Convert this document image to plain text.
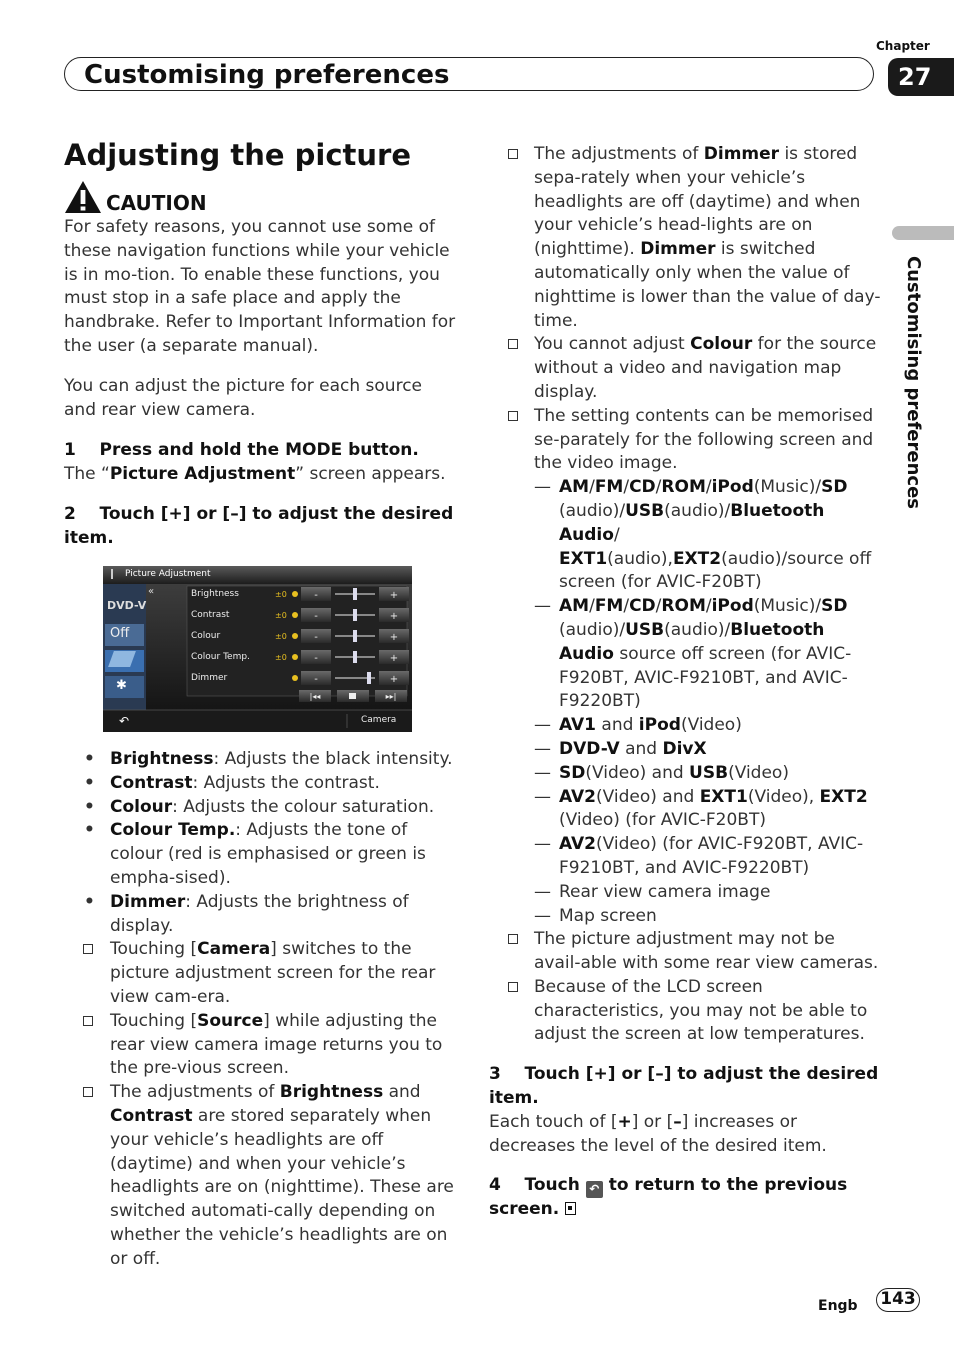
Customising preferences
Chapter
27
Customising preferences
Adjusting the picture
CAUTION

For safety reasons, you cannot use some of these navigation functions while your vehicle is in mo-tion. To enable these functions, you must stop in a safe place and apply the handbrake. Refer to Important Information for the user (a separate manual).

You can adjust the picture for each source and rear view camera.

1 Press and hold the MODE button.

The “Picture Adjustment” screen appears.

2 Touch [+] or [–] to adjust the desired item.

-	+
-	+
-	+
-	+
-	+
|◂◂	▸▸|
Picture Adjustment
«
DVD-V
Off
✱
↶	Camera
Brightness	±0
Contrast	±0
Colour	±0
Colour Temp.	±0
Dimmer
• Brightness: Adjusts the black intensity.
• Contrast: Adjusts the contrast.
• Colour: Adjusts the colour saturation.
• Colour Temp.: Adjusts the tone of colour (red is emphasised or green is empha-sised).
• Dimmer: Adjusts the brightness of display.
Touching [Camera] switches to the picture adjustment screen for the rear view cam-era.
Touching [Source] while adjusting the rear view camera image returns you to the pre-vious screen.
The adjustments of Brightness and Contrast are stored separately when your vehicle’s headlights are off (daytime) and when your vehicle’s headlights are on (nighttime). These are switched automati-cally depending on whether the vehicle’s headlights are on or off.
The adjustments of Dimmer is stored sepa-rately when your vehicle’s headlights are off (daytime) and when your vehicle’s head-lights are on (nighttime). Dimmer is switched automatically only when the value of nighttime is lower than the value of day-time.
You cannot adjust Colour for the source without a video and navigation map display.
The setting contents can be memorised se-parately for the following screen and the video image.
— AM/FM/CD/ROM/iPod(Music)/SD (audio)/USB(audio)/Bluetooth Audio/ EXT1(audio),EXT2(audio)/source off screen (for AVIC-F20BT)
— AM/FM/CD/ROM/iPod(Music)/SD (audio)/USB(audio)/Bluetooth Audio source off screen (for AVIC-F920BT, AVIC-F9210BT, and AVIC-F9220BT)
— AV1 and iPod(Video)
— DVD-V and DivX
— SD(Video) and USB(Video)
— AV2(Video) and EXT1(Video), EXT2 (Video) (for AVIC-F20BT)
— AV2(Video) (for AVIC-F920BT, AVIC-F9210BT, and AVIC-F9220BT)
— Rear view camera image
— Map screen
The picture adjustment may not be avail-able with some rear view cameras.
Because of the LCD screen characteristics, you may not be able to adjust the screen at low temperatures.

3 Touch [+] or [–] to adjust the desired item.

Each touch of [+] or [–] increases or decreases the level of the desired item.

4 Touch ↶ to return to the previous screen.

Engb 143
